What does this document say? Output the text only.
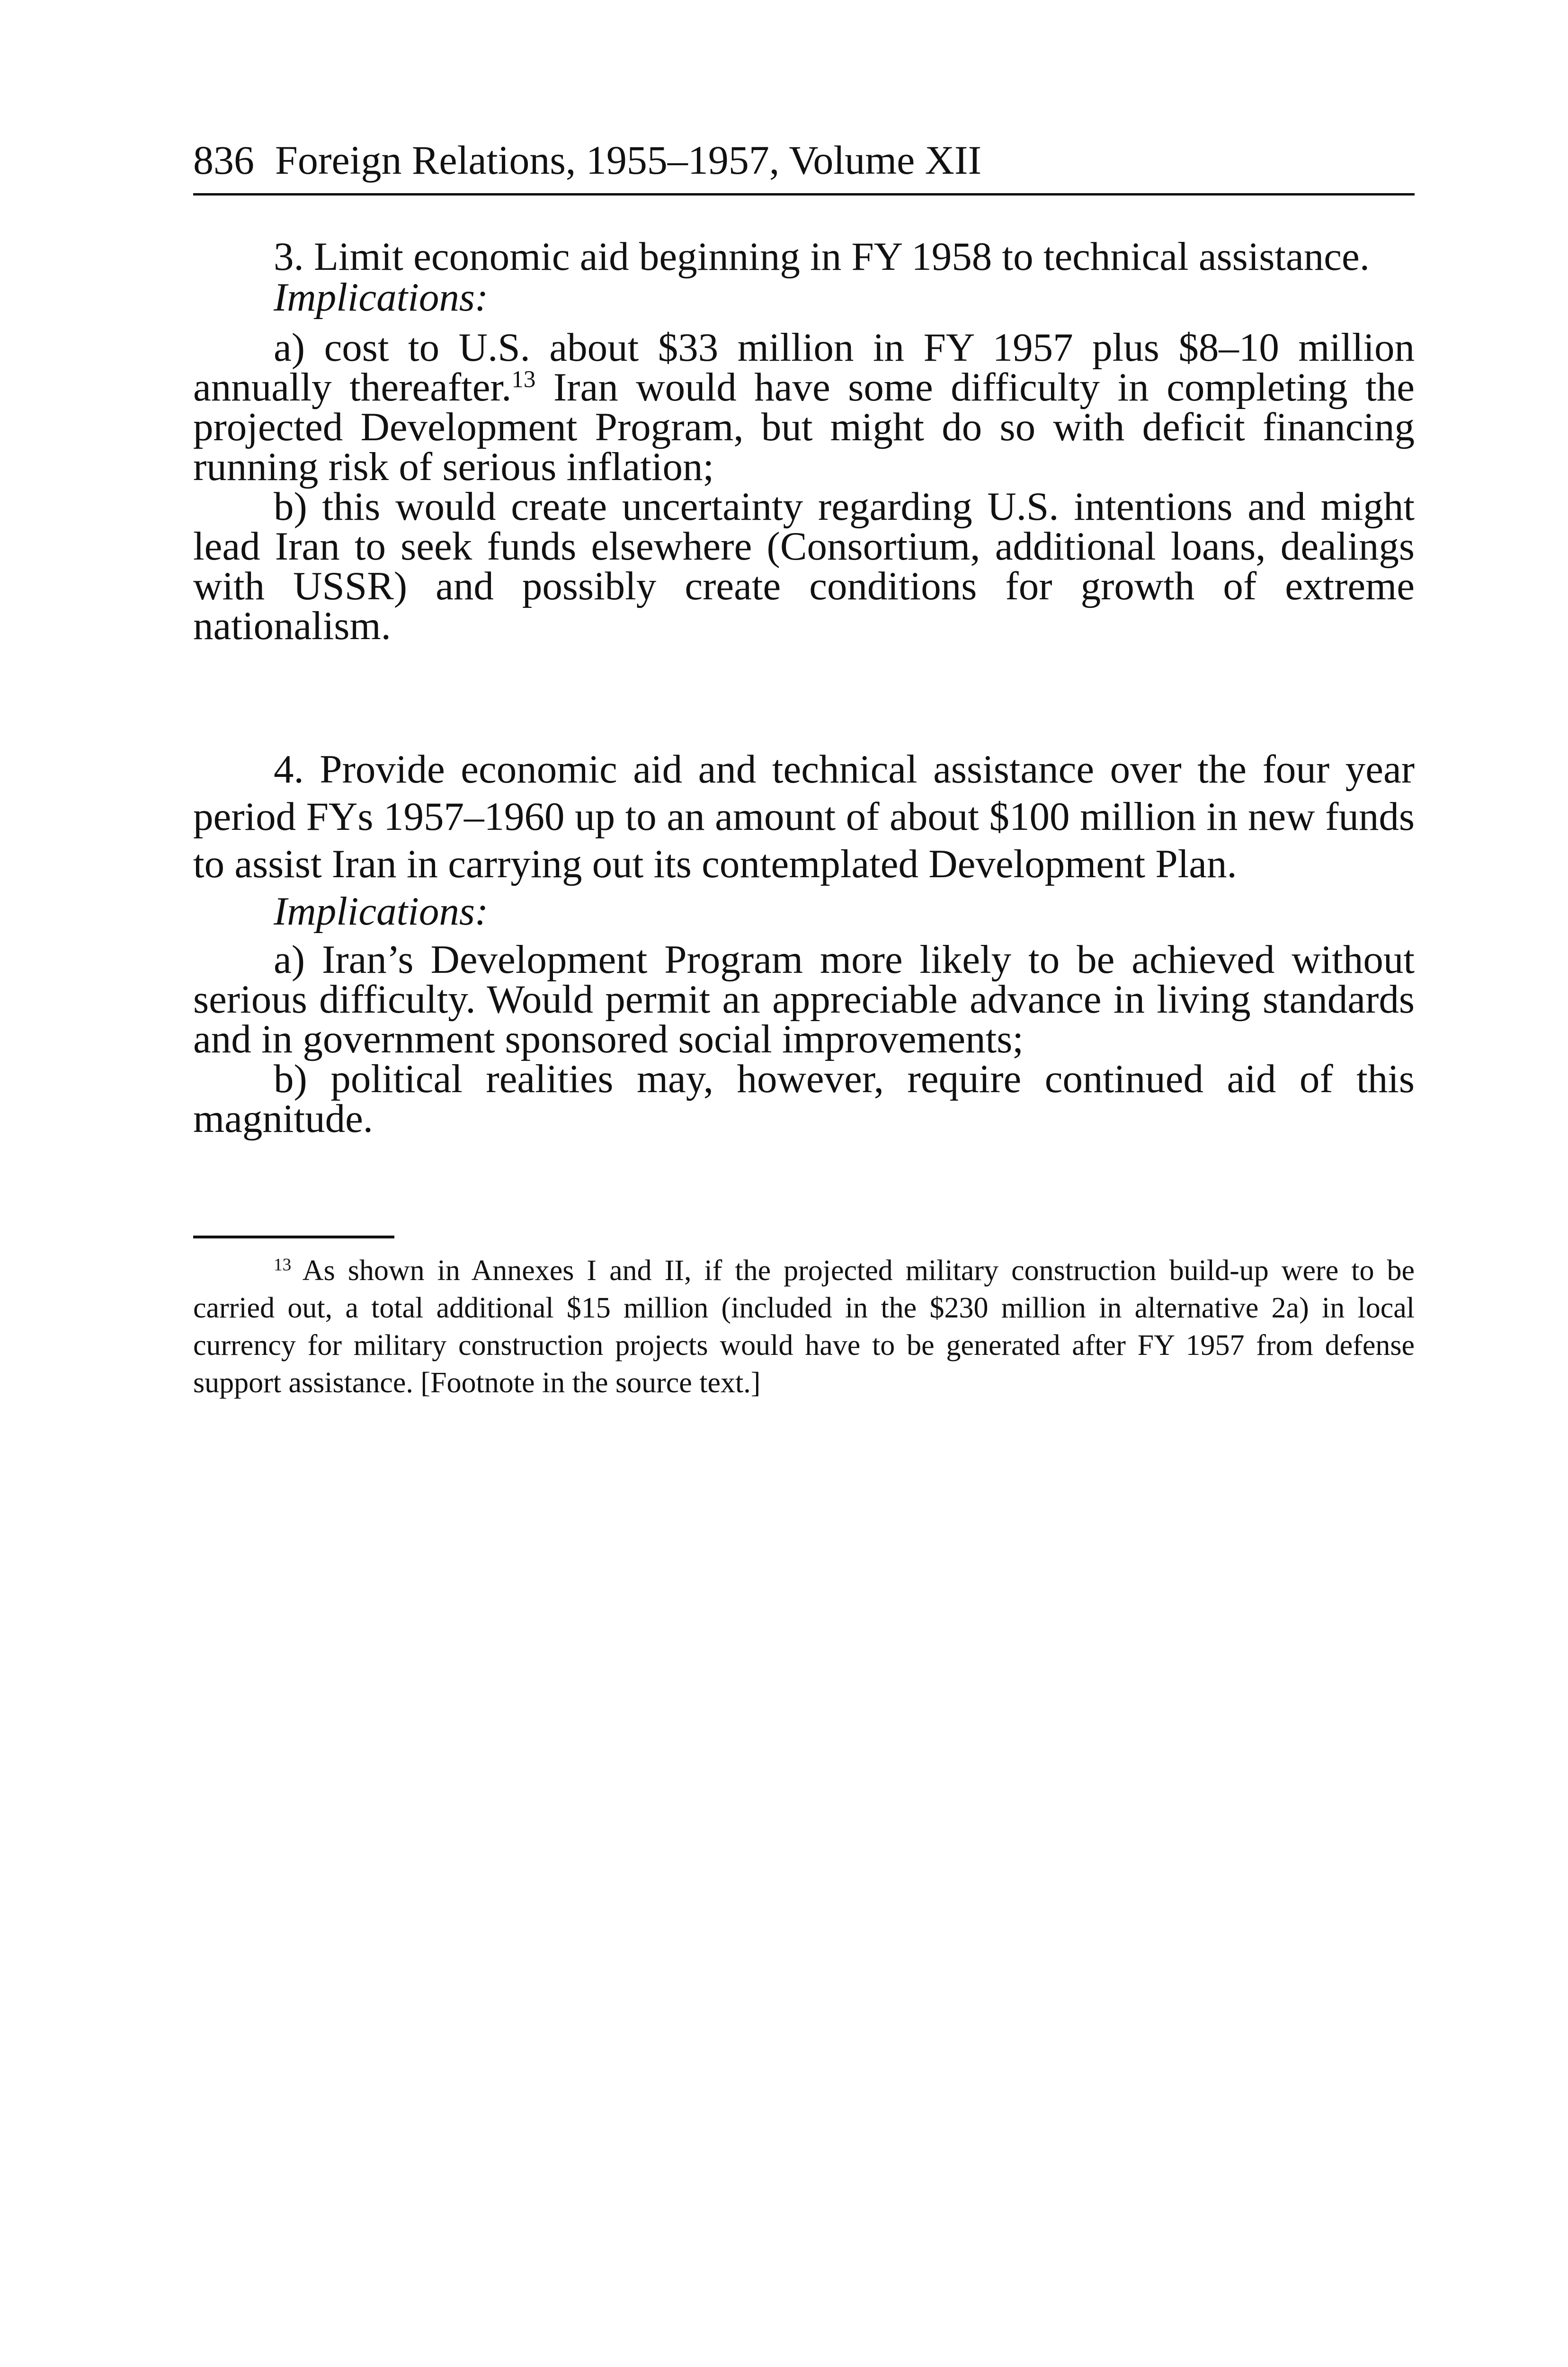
836 Foreign Relations, 1955–1957, Volume XII

3. Limit economic aid beginning in FY 1958 to technical assistance.

Implications:

a) cost to U.S. about $33 million in FY 1957 plus $8–10 million annually thereafter.$^{13}$ Iran would have some difficulty in completing the projected Development Program, but might do so with deficit financing running risk of serious inflation;

b) this would create uncertainty regarding U.S. intentions and might lead Iran to seek funds elsewhere (Consortium, additional loans, dealings with USSR) and possibly create conditions for growth of extreme nationalism.

4. Provide economic aid and technical assistance over the four year period FYs 1957–1960 up to an amount of about $100 million in new funds to assist Iran in carrying out its contemplated Development Plan.

Implications:

a) Iran’s Development Program more likely to be achieved without serious difficulty. Would permit an appreciable advance in living standards and in government sponsored social improvements;

b) political realities may, however, require continued aid of this magnitude.

$^{13}$ As shown in Annexes I and II, if the projected military construction build-up were to be carried out, a total additional $15 million (included in the $230 million in alternative 2a) in local currency for military construction projects would have to be generated after FY 1957 from defense support assistance. [Footnote in the source text.]
